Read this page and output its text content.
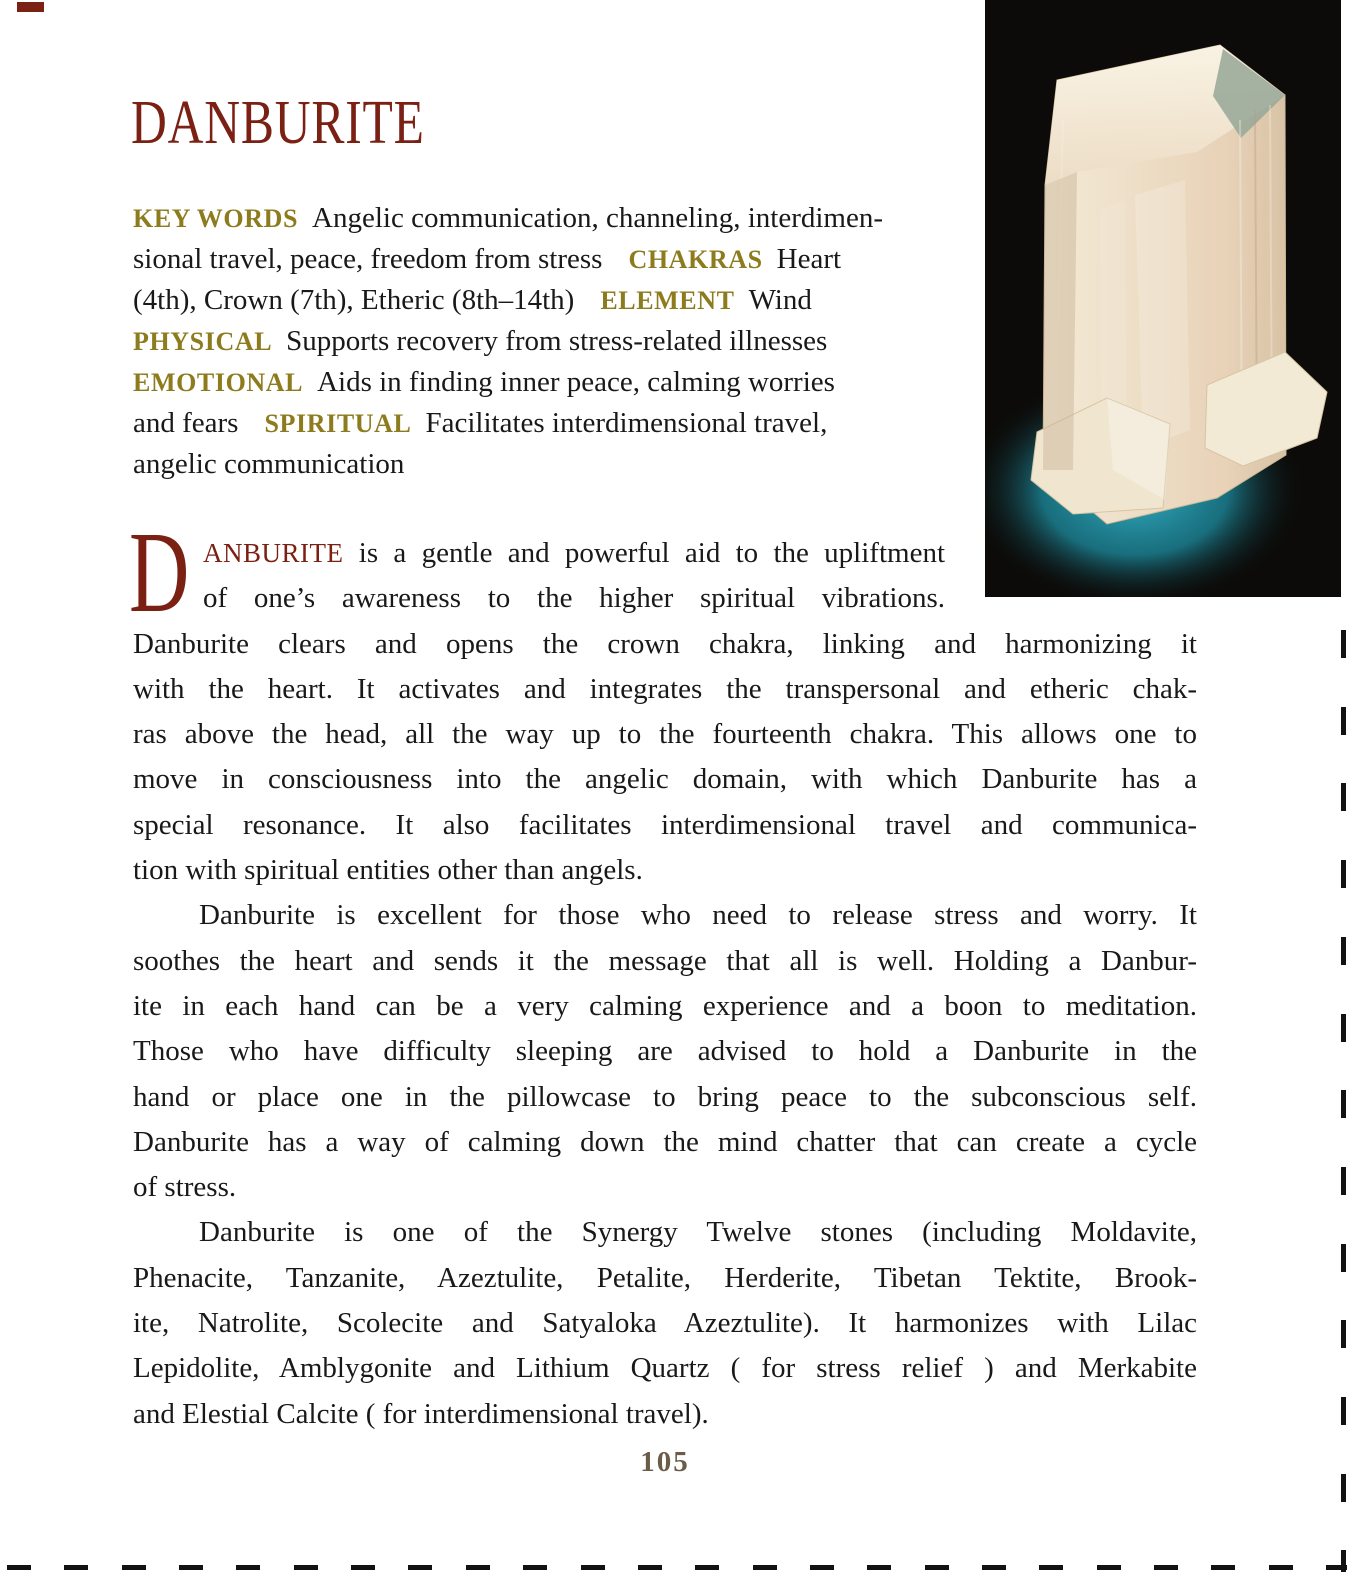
DANBURITE
KEY WORDS Angelic communication, channeling, interdimen-
sional travel, peace, freedom from stress CHAKRAS Heart
(4th), Crown (7th), Etheric (8th–14th) ELEMENT Wind
PHYSICAL Supports recovery from stress-related illnesses
EMOTIONAL Aids in finding inner peace, calming worries
and fears SPIRITUAL Facilitates interdimensional travel,
angelic communication
D ANBURITE is a gentle and powerful aid to the upliftment
of one’s awareness to the higher spiritual vibrations.
Danburite clears and opens the crown chakra, linking and harmonizing it
with the heart. It activates and integrates the transpersonal and etheric chak-
ras above the head, all the way up to the fourteenth chakra. This allows one to
move in consciousness into the angelic domain, with which Danburite has a
special resonance. It also facilitates interdimensional travel and communica-
tion with spiritual entities other than angels.
Danburite is excellent for those who need to release stress and worry. It
soothes the heart and sends it the message that all is well. Holding a Danbur-
ite in each hand can be a very calming experience and a boon to meditation.
Those who have difficulty sleeping are advised to hold a Danburite in the
hand or place one in the pillowcase to bring peace to the subconscious self.
Danburite has a way of calming down the mind chatter that can create a cycle
of stress.
Danburite is one of the Synergy Twelve stones (including Moldavite,
Phenacite, Tanzanite, Azeztulite, Petalite, Herderite, Tibetan Tektite, Brook-
ite, Natrolite, Scolecite and Satyaloka Azeztulite). It harmonizes with Lilac
Lepidolite, Amblygonite and Lithium Quartz ( for stress relief ) and Merkabite
and Elestial Calcite ( for interdimensional travel).
105
